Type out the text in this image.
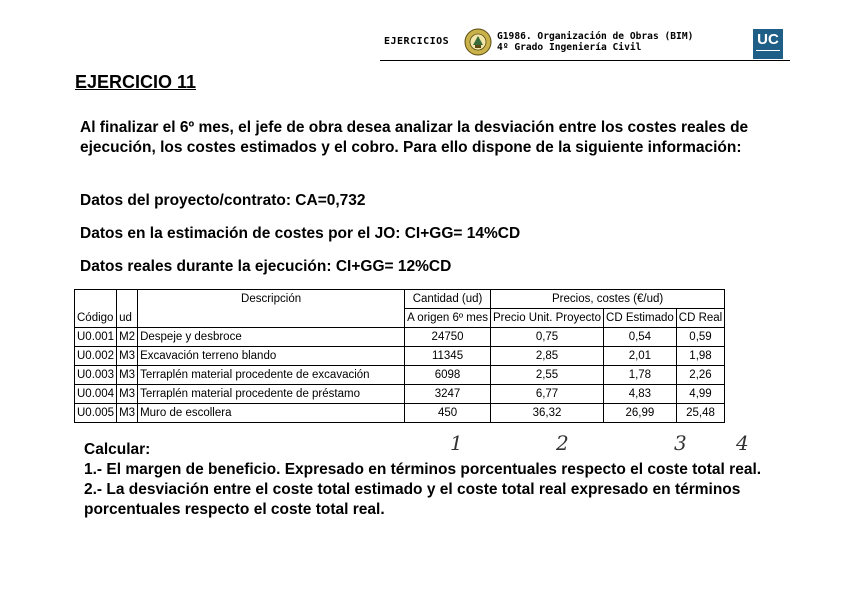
EJERCICIOS	G1986. Organización de Obras (BIM)
4º Grado Ingeniería Civil	UC
EJERCICIO 11
Al finalizar el 6º mes, el jefe de obra desea analizar la desviación entre los costes reales de ejecución, los costes estimados y el cobro. Para ello dispone de la siguiente información:
Datos del proyecto/contrato: CA=0,732
Datos en la estimación de costes por el JO: CI+GG= 14%CD
Datos reales durante la ejecución: CI+GG= 12%CD
		Descripción	Cantidad (ud)	Precios, costes (€/ud)		
Código	ud		A origen 6º mes	Precio Unit. Proyecto	CD Estimado	CD Real
U0.001	M2	Despeje y desbroce	24750	0,75	0,54	0,59
U0.002	M3	Excavación terreno blando	11345	2,85	2,01	1,98
U0.003	M3	Terraplén material procedente de excavación	6098	2,55	1,78	2,26
U0.004	M3	Terraplén material procedente de préstamo	3247	6,77	4,83	4,99
U0.005	M3	Muro de escollera	450	36,32	26,99	25,48
1	2	3 4

Calcular:

1.- El margen de beneficio. Expresado en términos porcentuales respecto el coste total real.

2.- La desviación entre el coste total estimado y el coste total real expresado en términos porcentuales respecto el coste total real.
